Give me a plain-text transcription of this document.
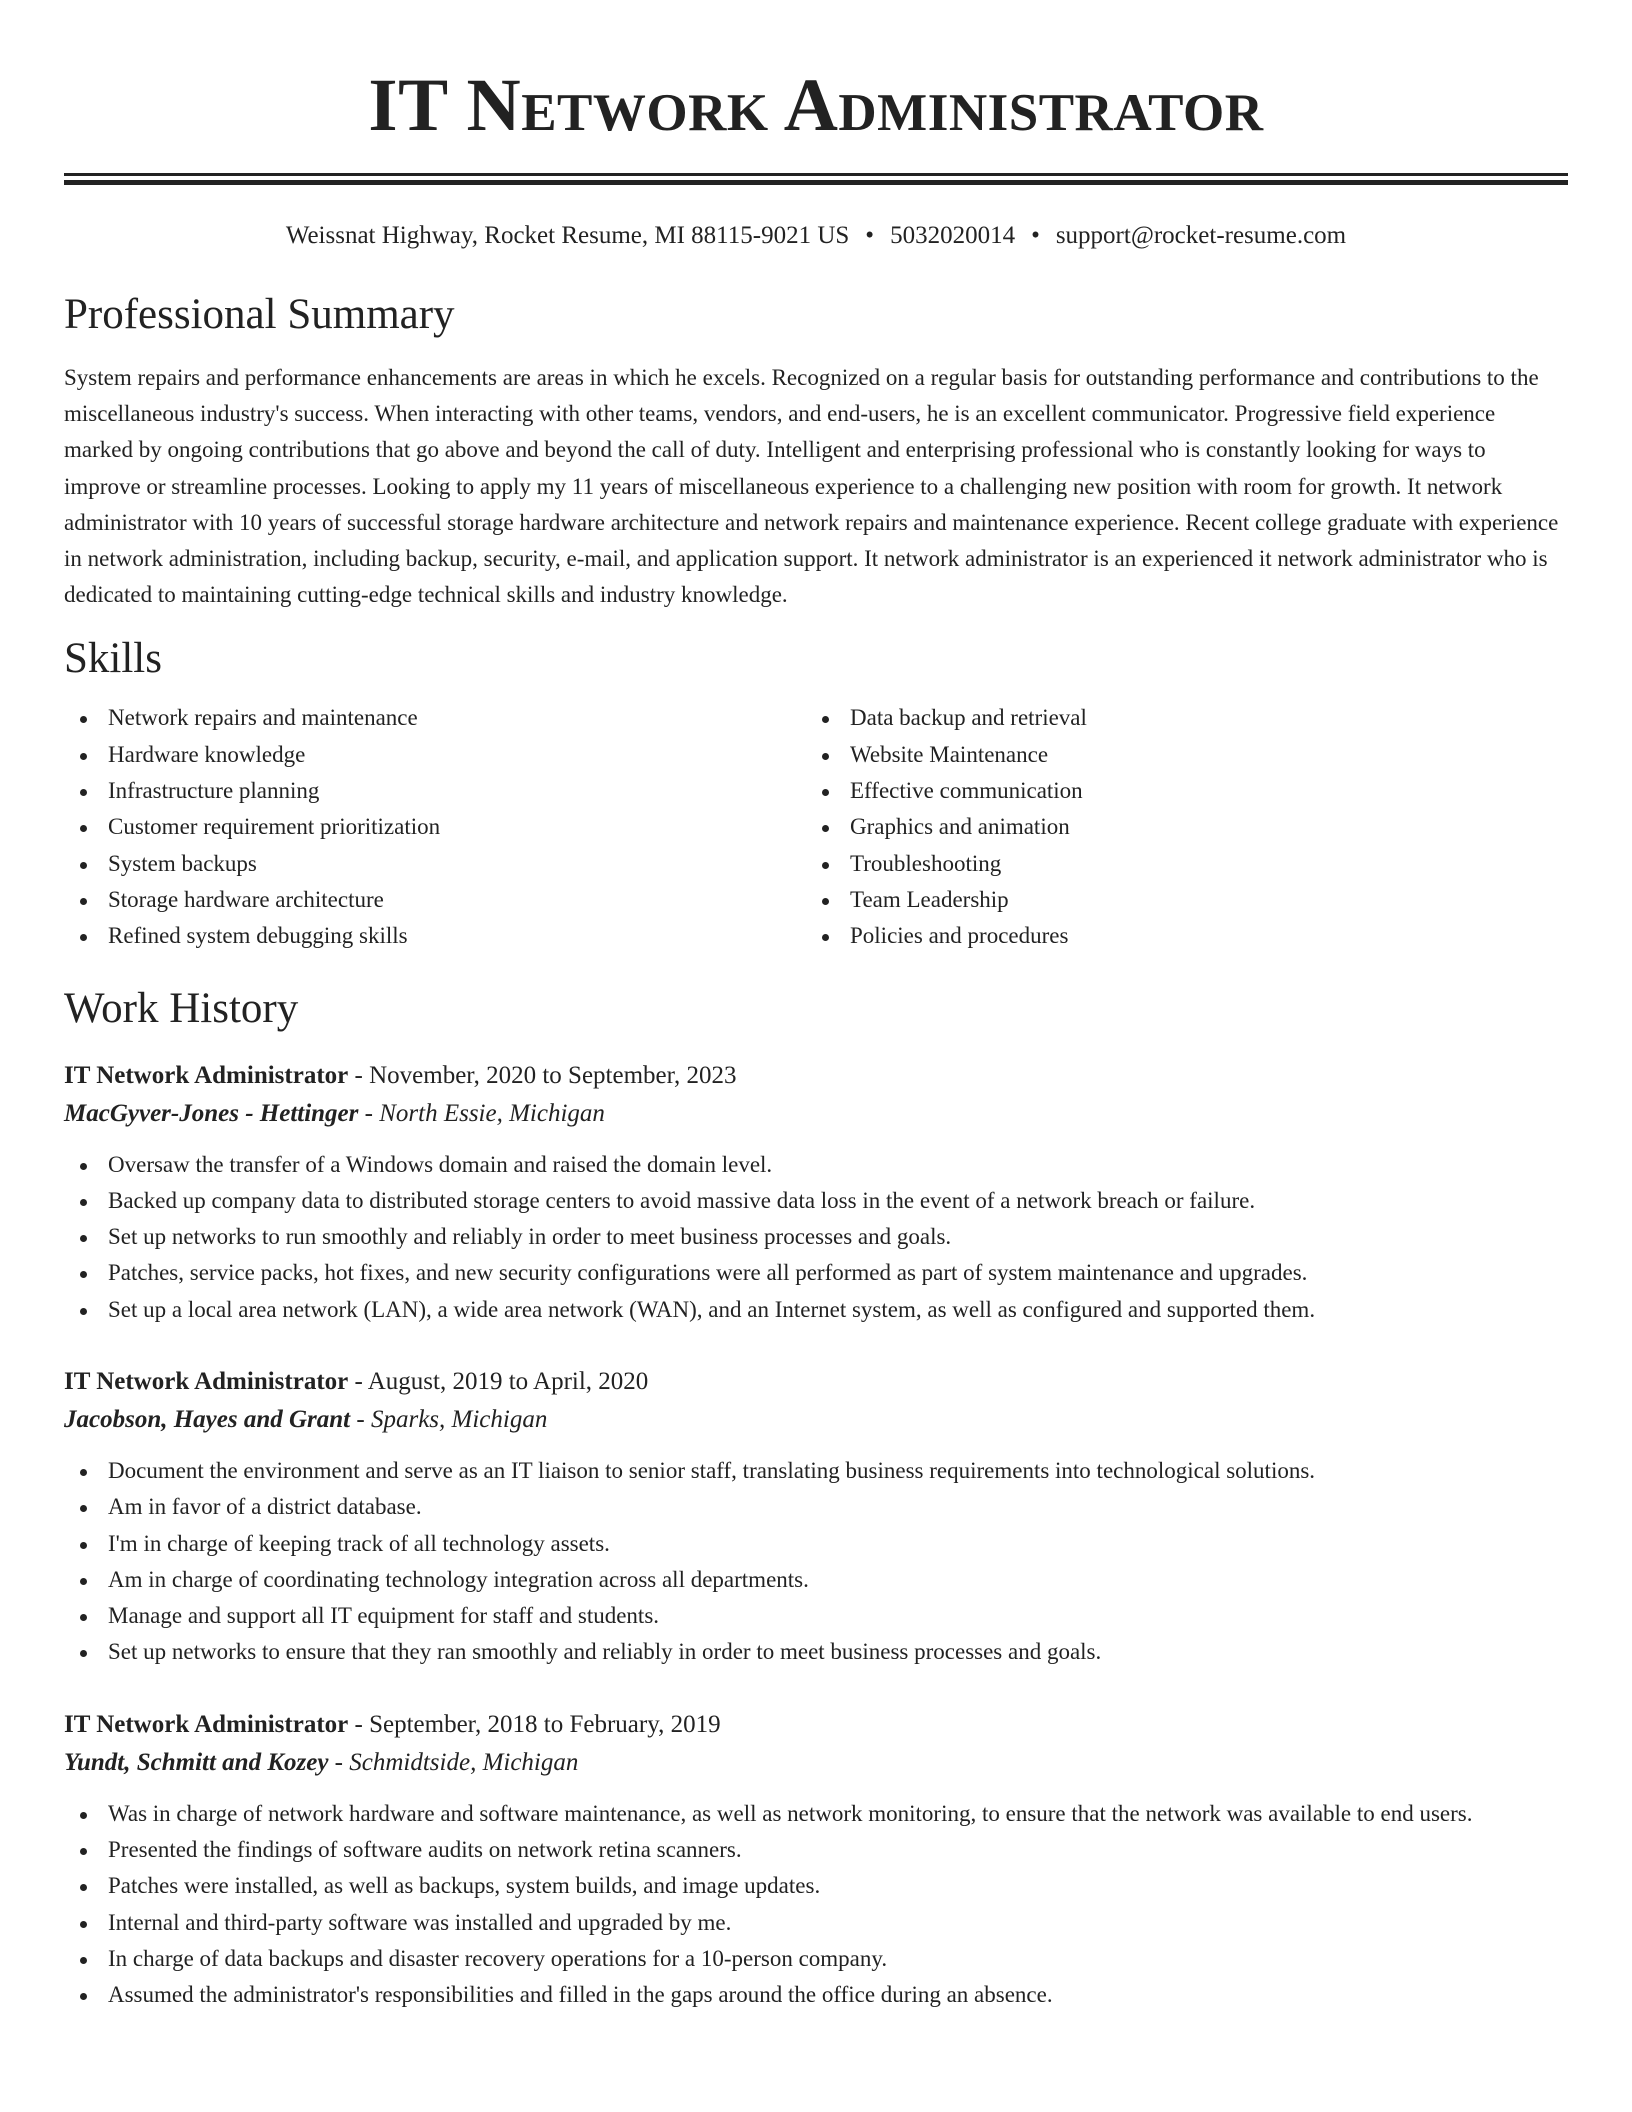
IT Network Administrator
Weissnat Highway, Rocket Resume, MI 88115-9021 US • 5032020014 • support@rocket-resume.com
Professional Summary

System repairs and performance enhancements are areas in which he excels. Recognized on a regular basis for outstanding performance and contributions to the miscellaneous industry's success. When interacting with other teams, vendors, and end-users, he is an excellent communicator. Progressive field experience marked by ongoing contributions that go above and beyond the call of duty. Intelligent and enterprising professional who is constantly looking for ways to improve or streamline processes. Looking to apply my 11 years of miscellaneous experience to a challenging new position with room for growth. It network administrator with 10 years of successful storage hardware architecture and network repairs and maintenance experience. Recent college graduate with experience in network administration, including backup, security, e-mail, and application support. It network administrator is an experienced it network administrator who is dedicated to maintaining cutting-edge technical skills and industry knowledge.

Skills
Network repairs and maintenance
Hardware knowledge
Infrastructure planning
Customer requirement prioritization
System backups
Storage hardware architecture
Refined system debugging skills
Data backup and retrieval
Website Maintenance
Effective communication
Graphics and animation
Troubleshooting
Team Leadership
Policies and procedures
Work History
IT Network Administrator - November, 2020 to September, 2023
MacGyver-Jones - Hettinger - North Essie, Michigan
Oversaw the transfer of a Windows domain and raised the domain level.
Backed up company data to distributed storage centers to avoid massive data loss in the event of a network breach or failure.
Set up networks to run smoothly and reliably in order to meet business processes and goals.
Patches, service packs, hot fixes, and new security configurations were all performed as part of system maintenance and upgrades.
Set up a local area network (LAN), a wide area network (WAN), and an Internet system, as well as configured and supported them.
IT Network Administrator - August, 2019 to April, 2020
Jacobson, Hayes and Grant - Sparks, Michigan
Document the environment and serve as an IT liaison to senior staff, translating business requirements into technological solutions.
Am in favor of a district database.
I'm in charge of keeping track of all technology assets.
Am in charge of coordinating technology integration across all departments.
Manage and support all IT equipment for staff and students.
Set up networks to ensure that they ran smoothly and reliably in order to meet business processes and goals.
IT Network Administrator - September, 2018 to February, 2019
Yundt, Schmitt and Kozey - Schmidtside, Michigan
Was in charge of network hardware and software maintenance, as well as network monitoring, to ensure that the network was available to end users.
Presented the findings of software audits on network retina scanners.
Patches were installed, as well as backups, system builds, and image updates.
Internal and third-party software was installed and upgraded by me.
In charge of data backups and disaster recovery operations for a 10-person company.
Assumed the administrator's responsibilities and filled in the gaps around the office during an absence.
